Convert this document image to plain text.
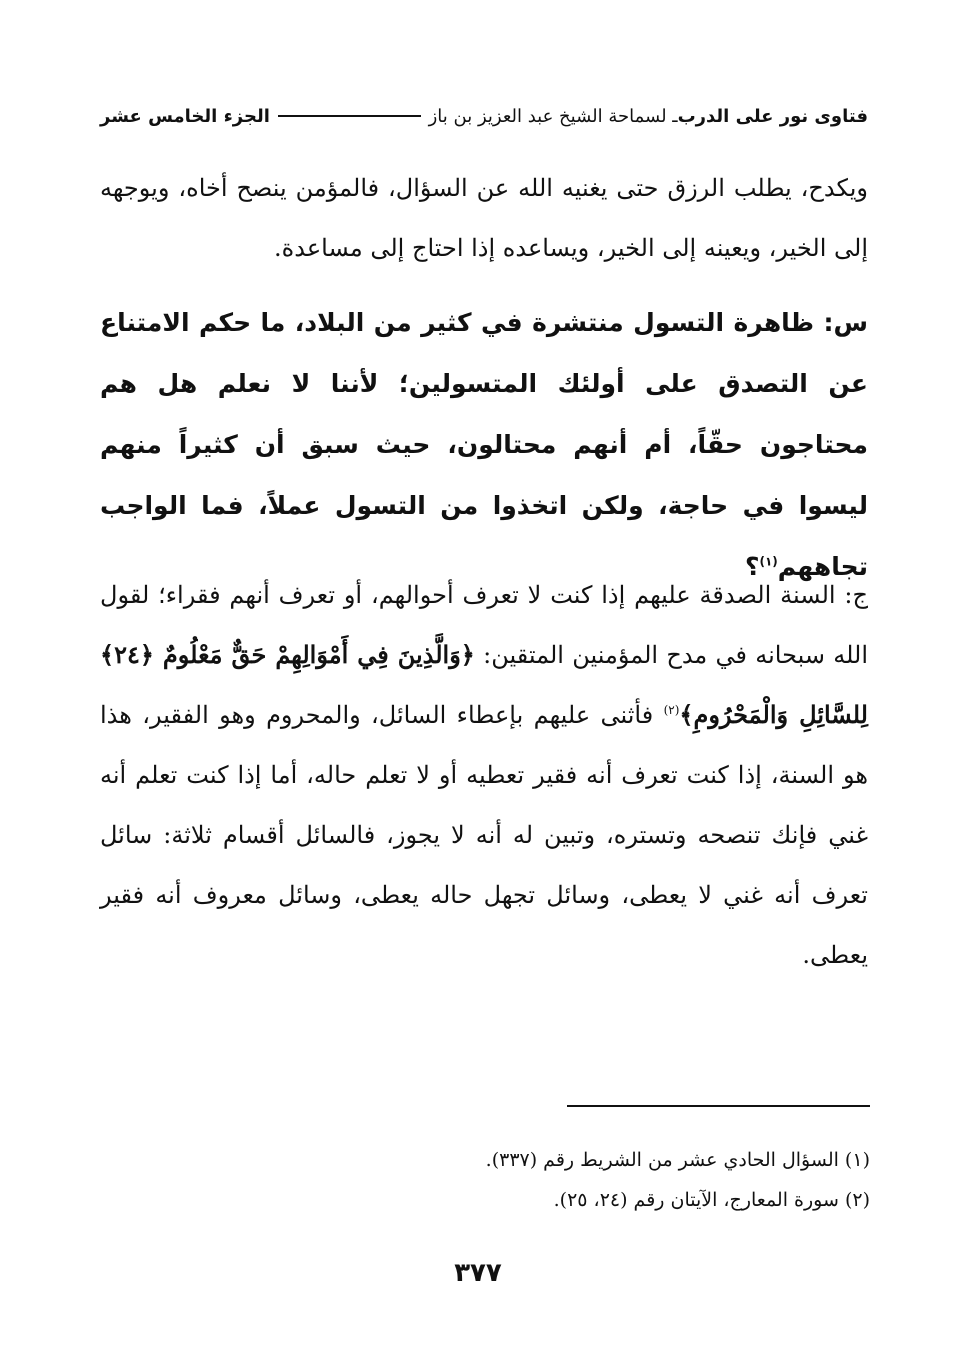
فتاوى نور على الدرب
ـ لسماحة الشيخ عبد العزيز بن باز
الجزء الخامس عشر

ويكدح، يطلب الرزق حتى يغنيه الله عن السؤال، فالمؤمن ينصح أخاه، ويوجهه إلى الخير، ويعينه إلى الخير، ويساعده إذا احتاج إلى مساعدة.

س: ظاهرة التسول منتشرة في كثير من البلاد، ما حكم الامتناع عن التصدق على أولئك المتسولين؛ لأننا لا نعلم هل هم محتاجون حقّاً، أم أنهم محتالون، حيث سبق أن كثيراً منهم ليسوا في حاجة، ولكن اتخذوا من التسول عملاً، فما الواجب تجاههم$^{(١)}$؟

ج: السنة الصدقة عليهم إذا كنت لا تعرف أحوالهم، أو تعرف أنهم فقراء؛ لقول الله سبحانه في مدح المؤمنين المتقين: ﴿وَالَّذِينَ فِي أَمْوَالِهِمْ حَقٌّ مَعْلُومٌ ﴿٢٤﴾ لِلسَّائِلِ وَالْمَحْرُومِ﴾$^{(٢)}$ فأثنى عليهم بإعطاء السائل، والمحروم وهو الفقير، هذا هو السنة، إذا كنت تعرف أنه فقير تعطيه أو لا تعلم حاله، أما إذا كنت تعلم أنه غني فإنك تنصحه وتستره، وتبين له أنه لا يجوز، فالسائل أقسام ثلاثة: سائل تعرف أنه غني لا يعطى، وسائل تجهل حاله يعطى، وسائل معروف أنه فقير يعطى.

(١) السؤال الحادي عشر من الشريط رقم (٣٣٧).
(٢) سورة المعارج، الآيتان رقم (٢٤، ٢٥).
٣٧٧
